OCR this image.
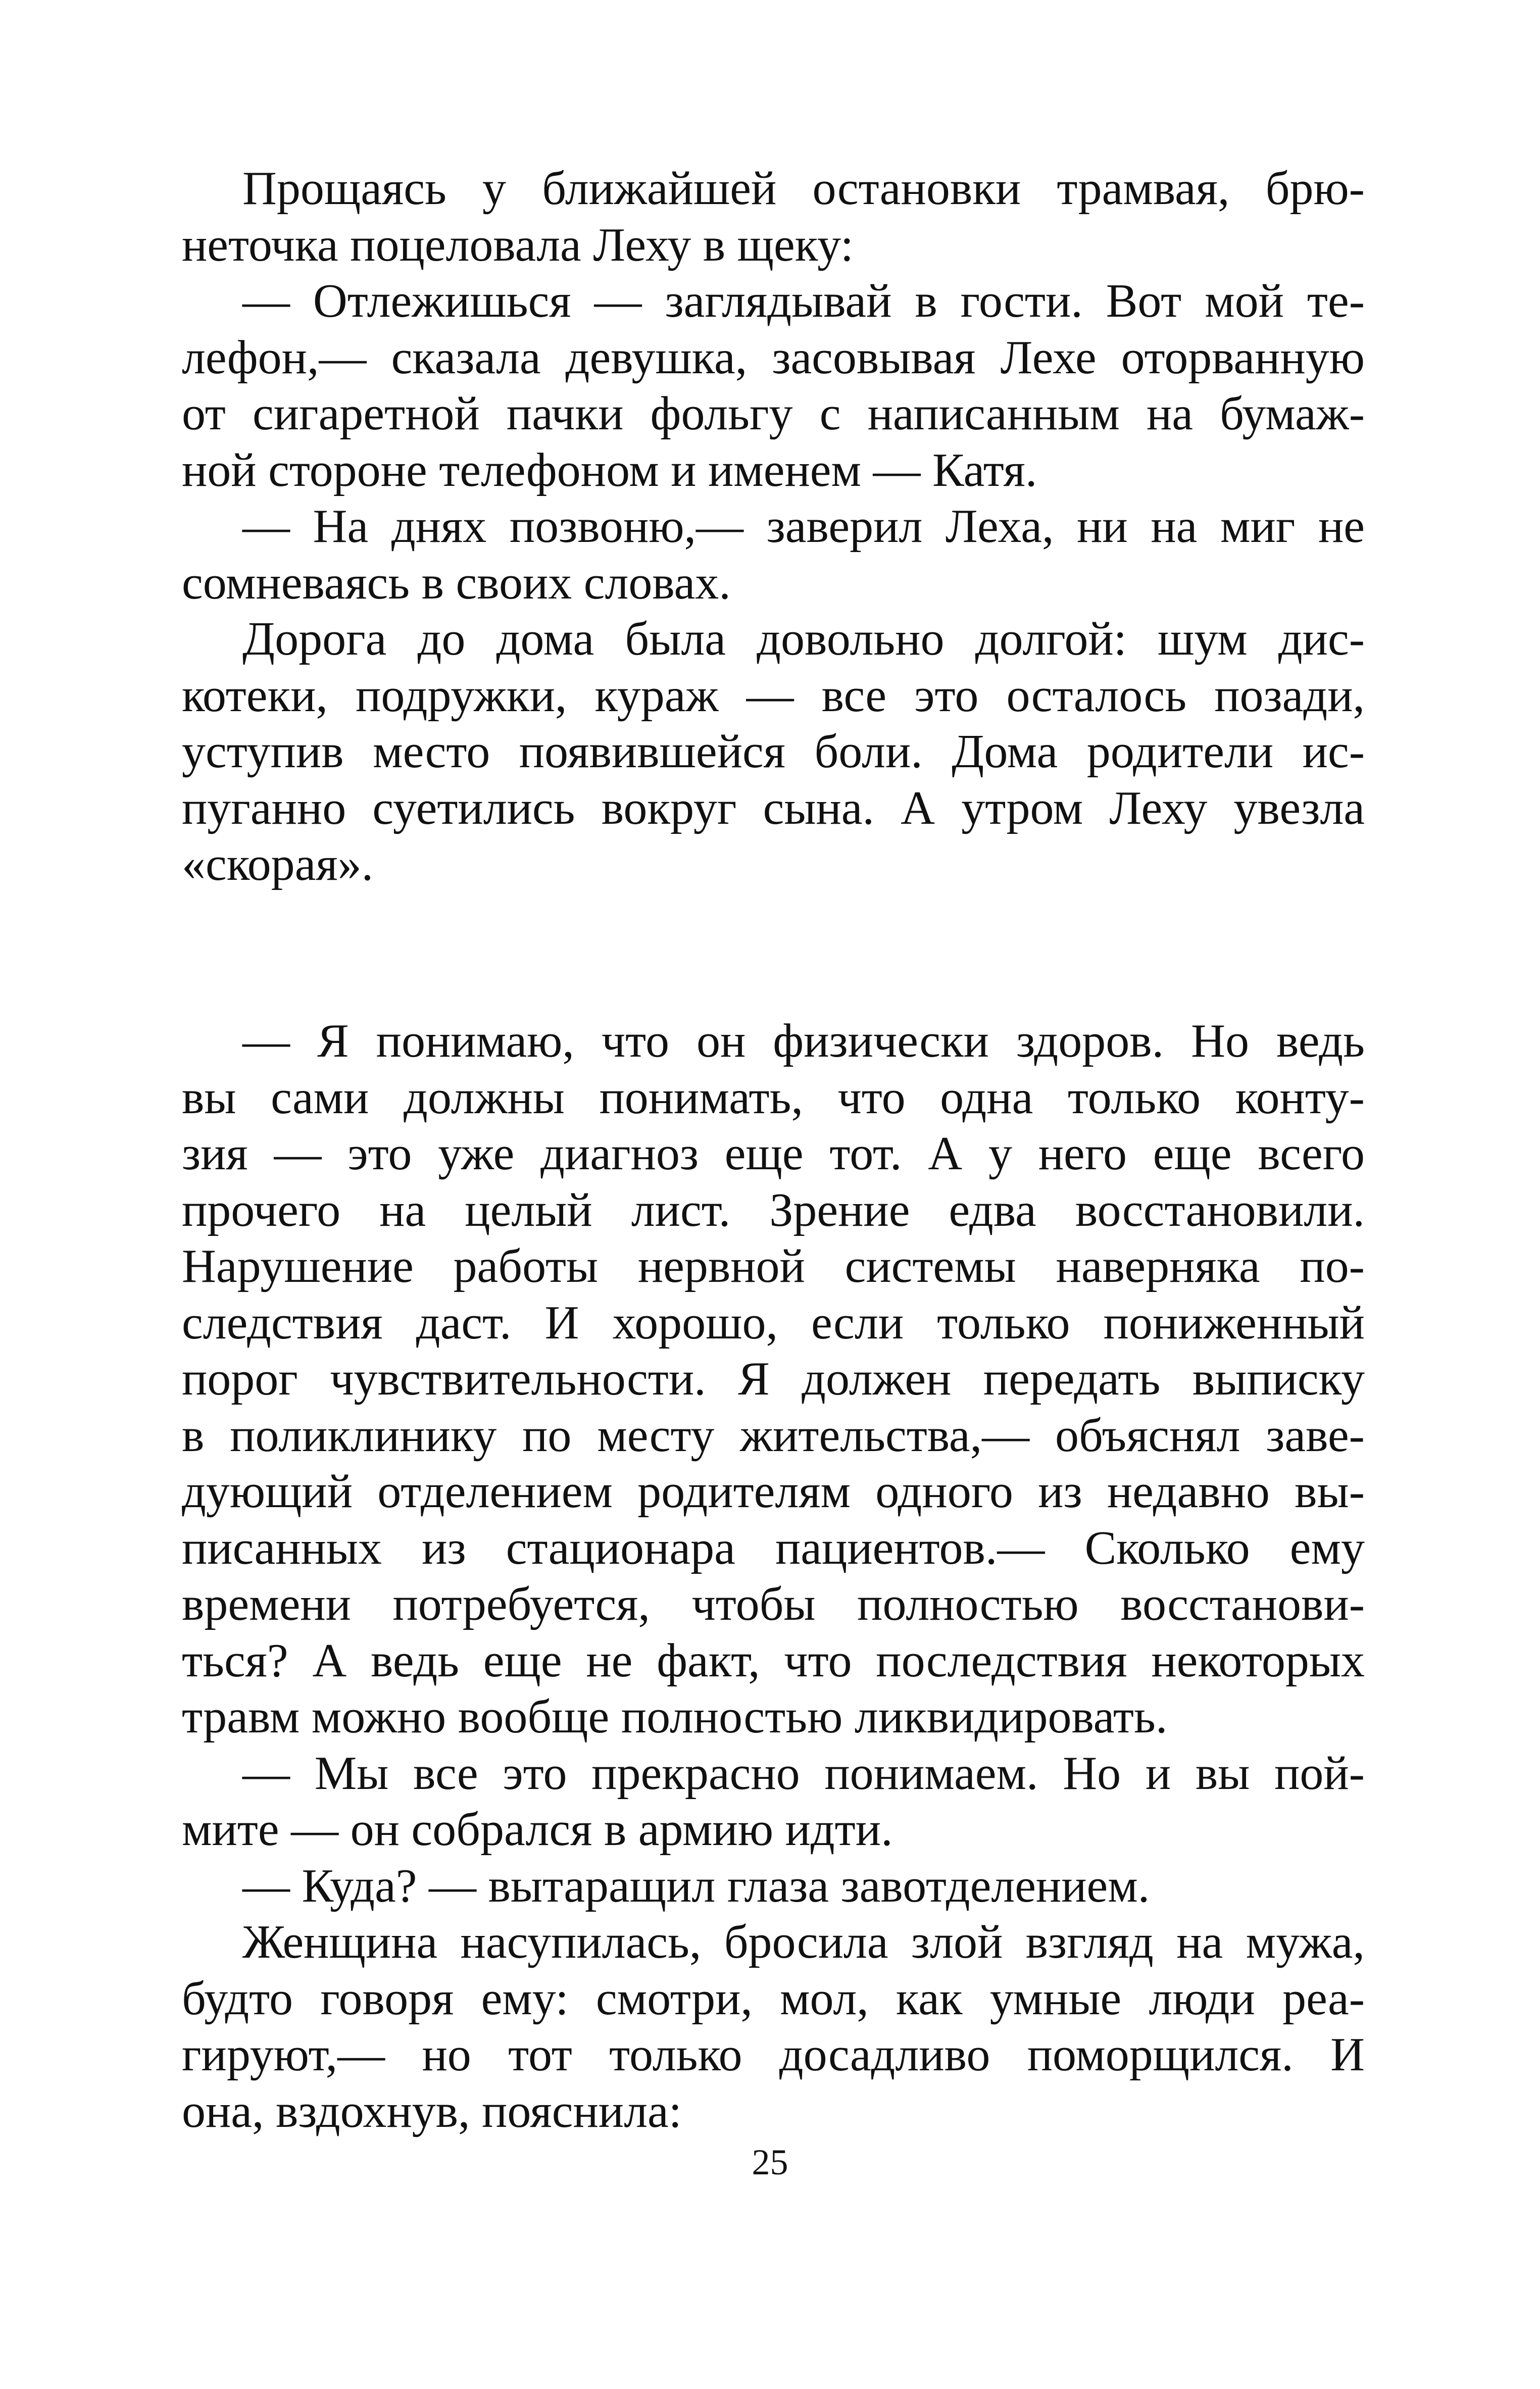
Прощаясь у ближайшей остановки трамвая, брю-
неточка поцеловала Леху в щеку:
— Отлежишься — заглядывай в гости. Вот мой те-
лефон,— сказала девушка, засовывая Лехе оторванную
от сигаретной пачки фольгу с написанным на бумаж-
ной стороне телефоном и именем — Катя.
— На днях позвоню,— заверил Леха, ни на миг не
сомневаясь в своих словах.
Дорога до дома была довольно долгой: шум дис-
котеки, подружки, кураж — все это осталось позади,
уступив место появившейся боли. Дома родители ис-
пуганно суетились вокруг сына. А утром Леху увезла
«скорая».
— Я понимаю, что он физически здоров. Но ведь
вы сами должны понимать, что одна только конту-
зия — это уже диагноз еще тот. А у него еще всего
прочего на целый лист. Зрение едва восстановили.
Нарушение работы нервной системы наверняка по-
следствия даст. И хорошо, если только пониженный
порог чувствительности. Я должен передать выписку
в поликлинику по месту жительства,— объяснял заве-
дующий отделением родителям одного из недавно вы-
писанных из стационара пациентов.— Сколько ему
времени потребуется, чтобы полностью восстанови-
ться? А ведь еще не факт, что последствия некоторых
травм можно вообще полностью ликвидировать.
— Мы все это прекрасно понимаем. Но и вы пой-
мите — он собрался в армию идти.
— Куда? — вытаращил глаза завотделением.
Женщина насупилась, бросила злой взгляд на мужа,
будто говоря ему: смотри, мол, как умные люди реа-
гируют,— но тот только досадливо поморщился. И
она, вздохнув, пояснила:
25
